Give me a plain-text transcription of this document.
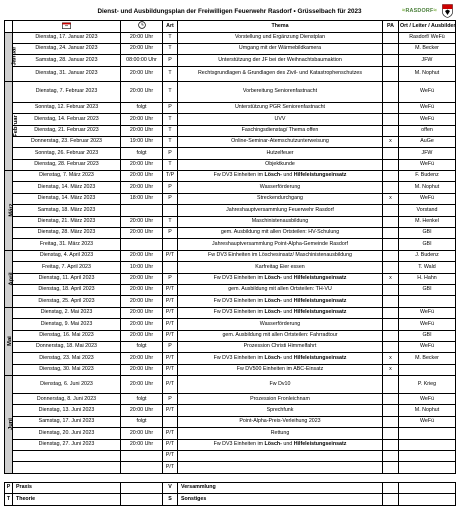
Dienst- und Ausbildungsplan der Freiwilligen Feuerwehr Rasdorf • Grüsselbach für 2023	≈ RASDORF ≈
			Art	Thema	PA	Ort / Leiter / Ausbilder
Januar	Dienstag, 17. Januar 2023	20:00 Uhr	T	Vorstellung und Ergänzung Dienstplan		Rasdorf/ WeFü
	Dienstag, 24. Januar 2023	20:00 Uhr	T	Umgang mit der Wärmebildkamera		M. Becker
	Samstag, 28. Januar 2023	08:00:00 Uhr	P	Unterstützung der JF bei der Weihnachtsbaumaktion		JFW
	Dienstag, 31. Januar 2023	20:00 Uhr	T	Rechtsgrundlagen & Grundlagen des Zivil- und Katastrophenschutzes		M. Nophut
Februar	Dienstag, 7. Februar 2023	20:00 Uhr	T	Vorbereitung Seniorenfastnacht		WeFü
	Sonntag, 12. Februar 2023	folgt	P	Unterstützung PGR Seniorenfastnacht		WeFü
	Dienstag, 14. Februar 2023	20:00 Uhr	T	UVV		WeFü
	Dienstag, 21. Februar 2023	20:00 Uhr	T	Faschingsdienstag/ Thema offen		offen
	Donnerstag, 23. Februar 2023	19:00 Uhr	T	Online-Seminar-Atemschutzunterweisung	x	AuGe
	Sonntag, 26. Februar 2023	folgt	P	Hutzelfeuer		JFW
	Dienstag, 28. Februar 2023	20:00 Uhr	T	Objektkunde		WeFü
März	Dienstag, 7. März 2023	20:00 Uhr	T/P	Fw DV3 Einheiten im Lösch- und Hilfeleistungseinsatz		F. Budenz
	Dienstag, 14. März 2023	20:00 Uhr	P	Wasserförderung		M. Nophut
	Dienstag, 14. März 2023	18:00 Uhr	P	Streckendurchgang	x	WeFü
	Samstag, 18. März 2023			Jahreshauptversammlung Feuerwehr Rasdorf		Vorstand
	Dienstag, 21. März 2023	20:00 Uhr	T	Maschinistenausbildung		M. Henkel
	Dienstag, 28. März 2023	20:00 Uhr	P	gem. Ausbildung mit allen Ortsteilen: HV-Schulung		GBI
	Freitag, 31. März 2023			Jahreshauptversammlung Point-Alpha-Gemeinde Rasdorf		GBI
April	Dienstag, 4. April 2023	20:00 Uhr	P/T	Fw DV3 Einheiten im Löschesinsatz/ Maschinistenausbildung		J. Budenz
	Freitag, 7. April 2023	10:00 Uhr		Karfreitag Eier essen		T. Wald
	Dienstag, 11. April 2023	20:00 Uhr	P	Fw DV3 Einheiten im Lösch- und Hilfeleistungseinsatz	x	H. Hahn
	Dienstag, 18. April 2023	20:00 Uhr	P/T	gem. Ausbildung mit allen Ortsteilen: TH-VU		GBI
	Dienstag, 25. April 2023	20:00 Uhr	P/T	Fw DV3 Einheiten im Lösch- und Hilfeleistungseinsatz		
Mai	Dienstag, 2. Mai 2023	20:00 Uhr	P/T	Fw DV3 Einheiten im Lösch- und Hilfeleistungseinsatz		WeFü
	Dienstag, 9. Mai 2023	20:00 Uhr	P/T	Wasserförderung		WeFü
	Dienstag, 16. Mai 2023	20:00 Uhr	P/T	gem. Ausbildung mit allen Ortsteilen: Fahrradtour		GBI
	Donnerstag, 18. Mai 2023	folgt	P	Prozession Christi Himmelfahrt		WeFü
	Dienstag, 23. Mai 2023	20:00 Uhr	P/T	Fw DV3 Einheiten im Lösch- und Hilfeleistungseinsatz	x	M. Becker
	Dienstag, 30. Mai 2023	20:00 Uhr	P/T	Fw DV500 Einheiten im ABC-Einsatz	x	
Juni	Dienstag, 6. Juni 2023	20:00 Uhr	P/T	Fw Dv10		P. Krieg
	Donnerstag, 8. Juni 2023	folgt	P	Prozession Fronleichnam		WeFü
	Dienstag, 13. Juni 2023	20:00 Uhr	P/T	Sprechfunk		M. Nophut
	Samstag, 17. Juni 2023	folgt		Point-Alpha-Preis-Verleihung 2023		WeFü
	Dienstag, 20. Juni 2023	20:00 Uhr	P/T	Rettung		
	Dienstag, 27. Juni 2023	20:00 Uhr	P/T	Fw DV3 Einheiten im Lösch- und Hilfeleistungseinsatz		
			P/T			
			P/T			

P	Praxis		V	Versammlung		
T	Theorie		S	Sonstiges		
